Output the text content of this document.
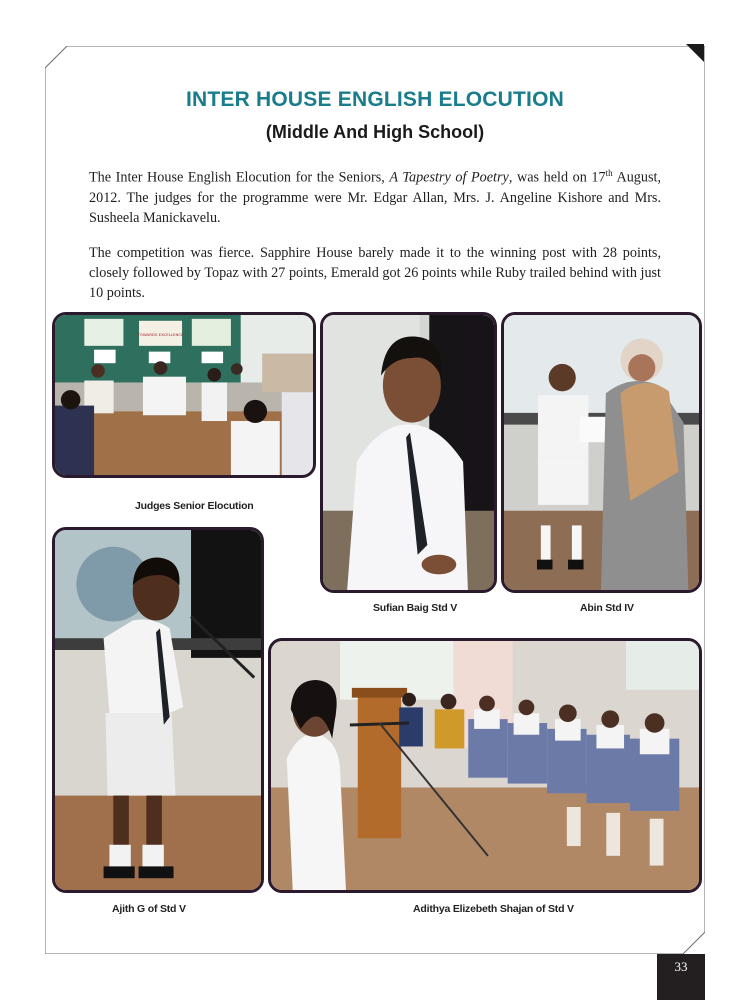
INTER HOUSE ENGLISH ELOCUTION
(Middle And High School)

The Inter House English Elocution for the Seniors, A Tapestry of Poetry, was held on 17th August, 2012. The judges for the programme were Mr. Edgar Allan, Mrs. J. Angeline Kishore and Mrs. Susheela Manickavelu.

The competition was fierce. Sapphire House barely made it to the winning post with 28 points, closely followed by Topaz with 27 points, Emerald got 26 points while Ruby trailed behind with just 10 points.

TOWARDS EXCELLENCE
Judges Senior Elocution
Sufian Baig Std V	Abin Std IV
Ajith G of Std V	Adithya Elizebeth Shajan of Std V
33
